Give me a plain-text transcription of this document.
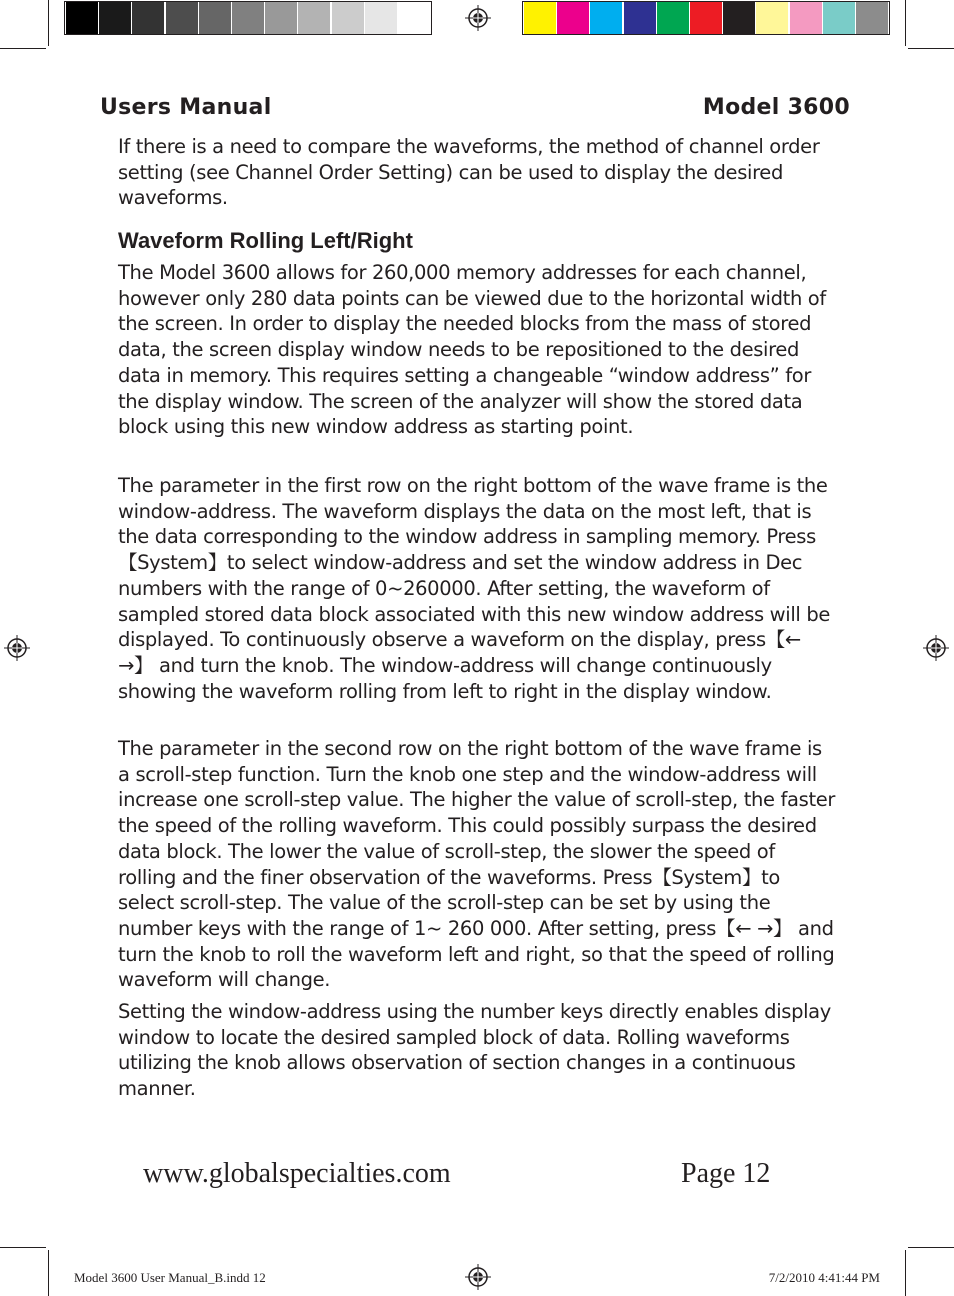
Users Manual	Model 3600

If there is a need to compare the waveforms, the method of channel order setting (see Channel Order Setting) can be used to display the desired waveforms.

Waveform Rolling Left/Right

The Model 3600 allows for 260,000 memory addresses for each channel, however only 280 data points can be viewed due to the horizontal width of the screen. In order to display the needed blocks from the mass of stored data, the screen display window needs to be repositioned to the desired data in memory. This requires setting a changeable “window address” for the display window. The screen of the analyzer will show the stored data block using this new window address as starting point.

The parameter in the first row on the right bottom of the wave frame is the window-address. The waveform displays the data on the most left, that is the data corresponding to the window address in sampling memory. Press【System】to select window-address and set the window address in Dec numbers with the range of 0~260000. After setting, the waveform of sampled stored data block associated with this new window address will be displayed. To continuously observe a waveform on the display, press【← →】 and turn the knob. The window-address will change continuously showing the waveform rolling from left to right in the display window.

The parameter in the second row on the right bottom of the wave frame is a scroll-step function. Turn the knob one step and the window-address will increase one scroll-step value. The higher the value of scroll-step, the faster the speed of the rolling waveform. This could possibly surpass the desired data block. The lower the value of scroll-step, the slower the speed of rolling and the finer observation of the waveforms. Press【System】to select scroll-step. The value of the scroll-step can be set by using the number keys with the range of 1~ 260 000. After setting, press【← →】 and turn the knob to roll the waveform left and right, so that the speed of rolling waveform will change.

Setting the window-address using the number keys directly enables display window to locate the desired sampled block of data. Rolling waveforms utilizing the knob allows observation of section changes in a continuous manner.

www.globalspecialties.com	Page 12
Model 3600 User Manual_B.indd 12	7/2/2010 4:41:44 PM
